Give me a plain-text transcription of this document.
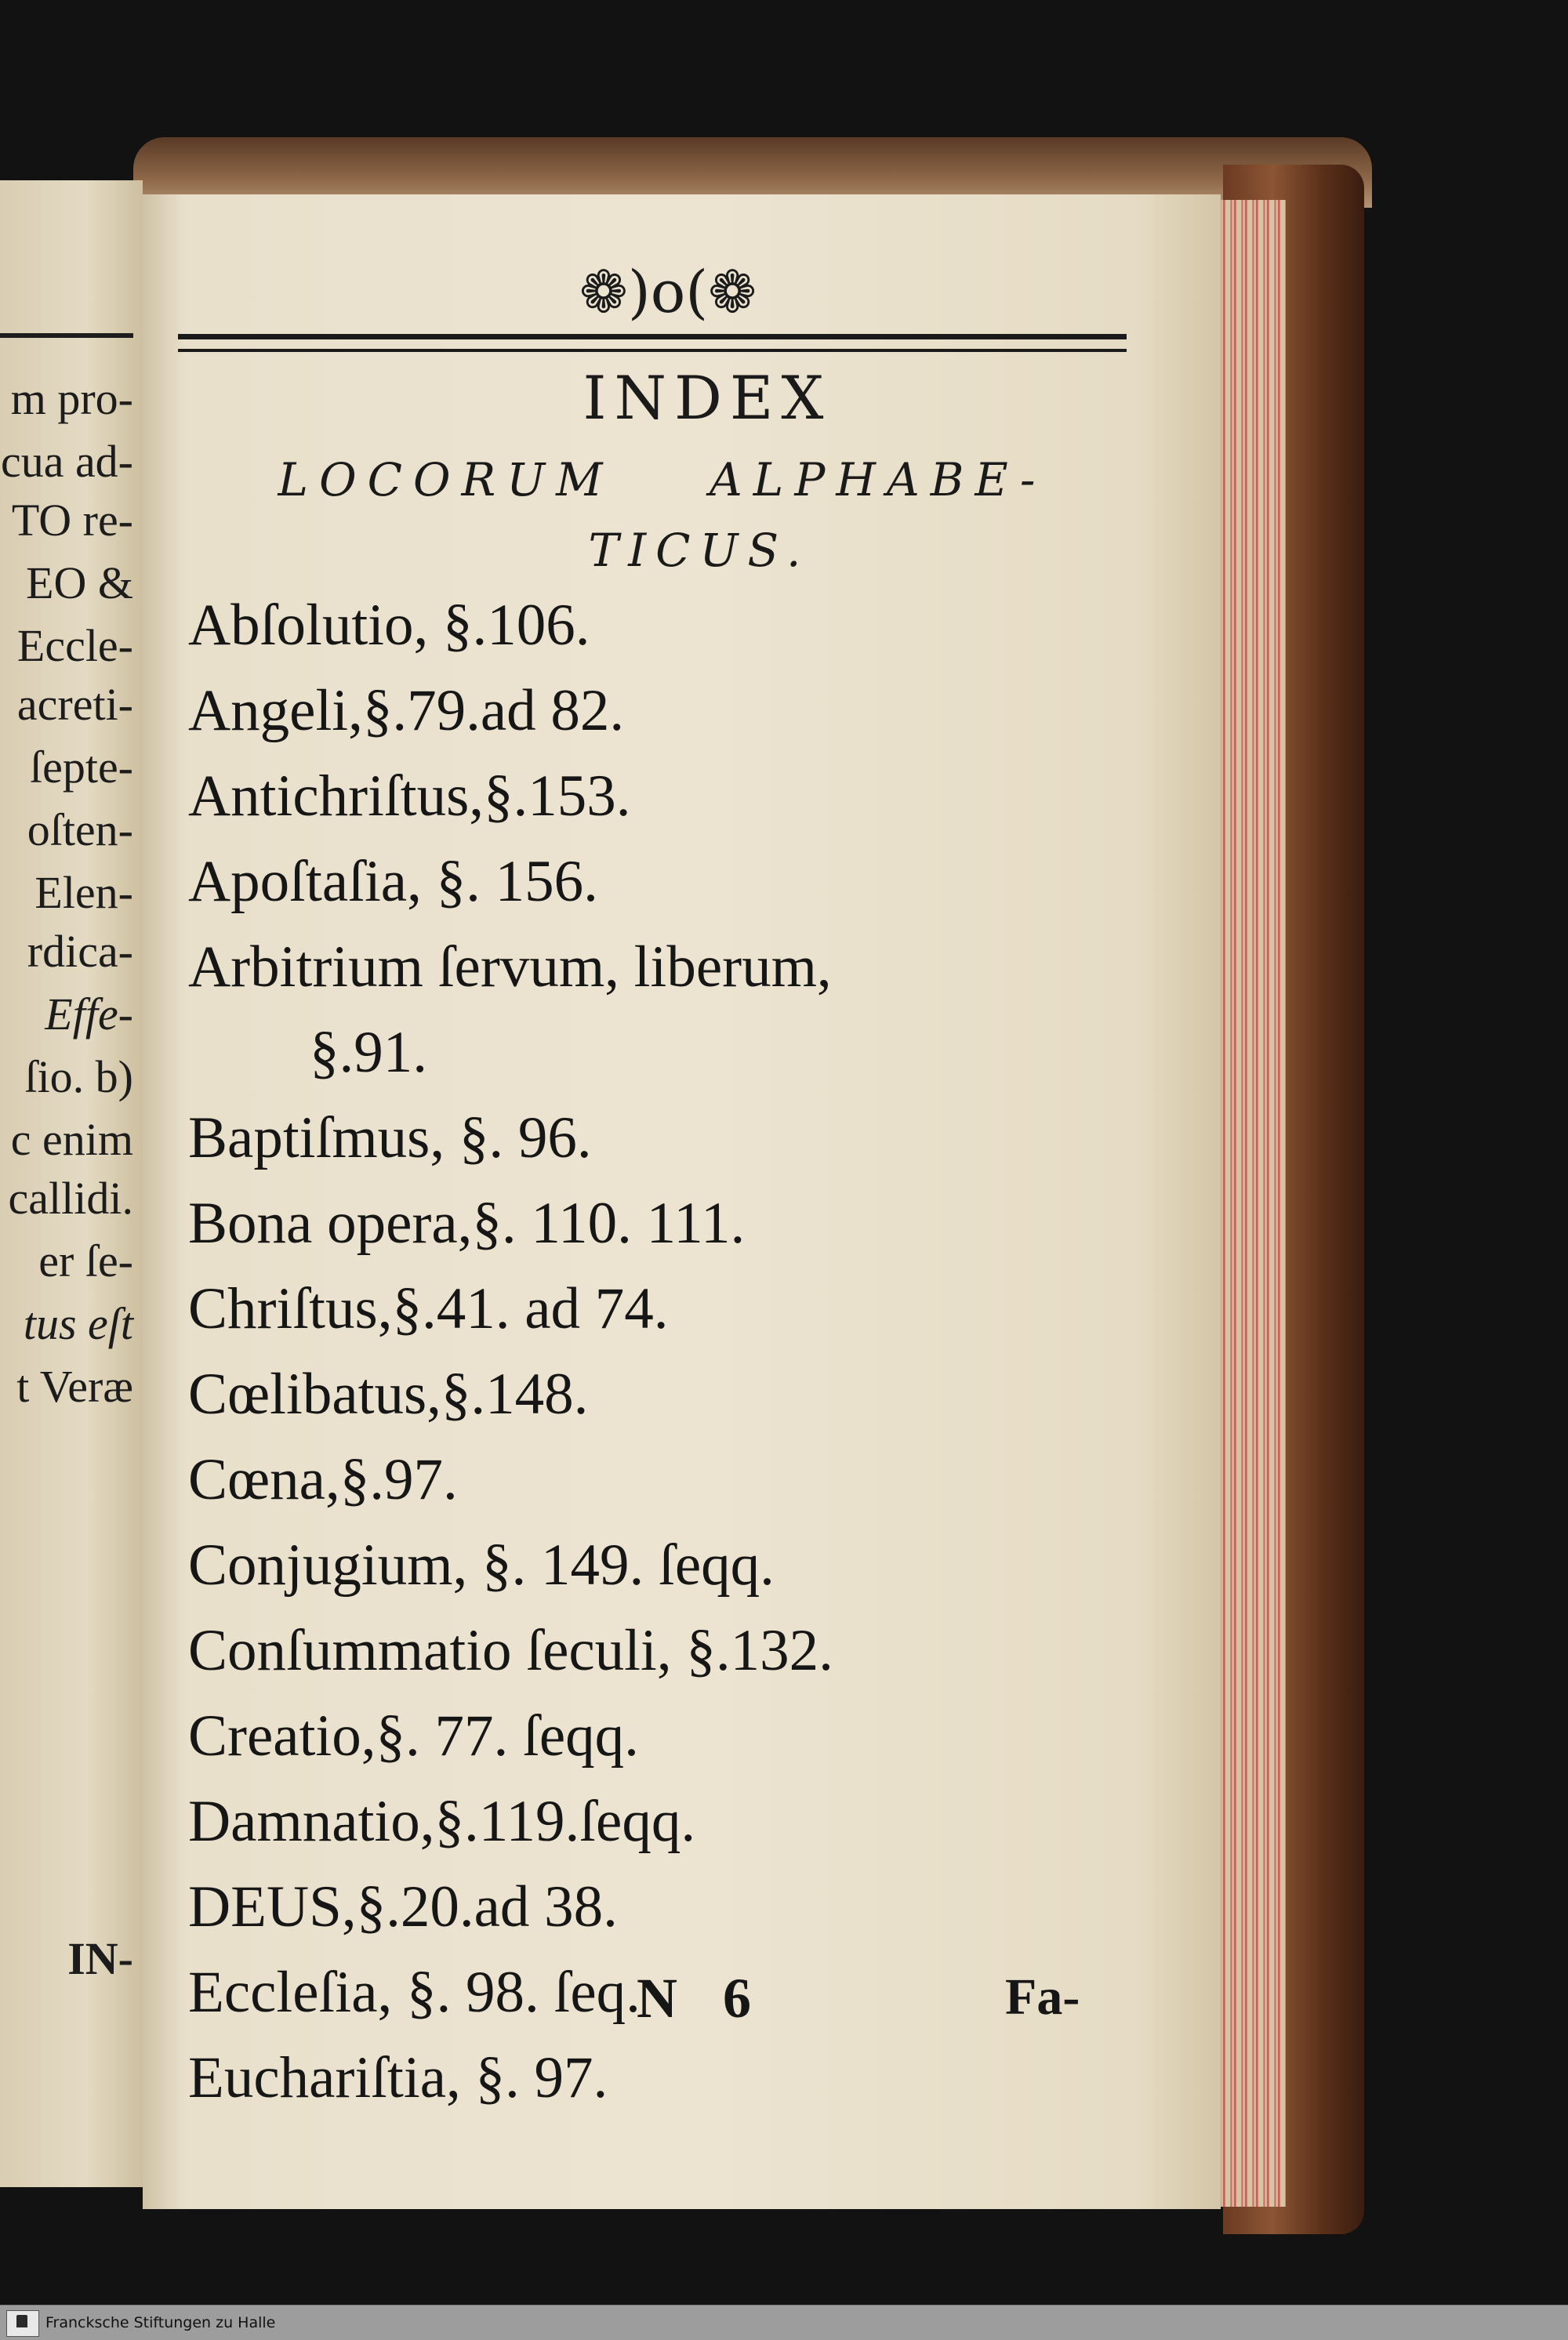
m pro-
cua ad-
TO re-
EO &
Eccle-
acreti-
ſepte-
oſten-
Elen-
rdica-
Effe-
ſio. b)
c enim
callidi.
er ſe-
tus eſt
t Veræ
IN-
❁)o(❁
INDEX
LOCORUM ALPHABE-
TICUS.
Abſolutio, §.106.
Angeli,§.79.ad 82.
Antichriſtus,§.153.
Apoſtaſia, §. 156.
Arbitrium ſervum, liberum,
§.91.
Baptiſmus, §. 96.
Bona opera,§. 110. 111.
Chriſtus,§.41. ad 74.
Cœlibatus,§.148.
Cœna,§.97.
Conjugium, §. 149. ſeqq.
Conſummatio ſeculi, §.132.
Creatio,§. 77. ſeqq.
Damnatio,§.119.ſeqq.
DEUS,§.20.ad 38.
Eccleſia, §. 98. ſeq.
Euchariſtia, §. 97.
N 6	Fa-
Francksche Stiftungen zu Halle
